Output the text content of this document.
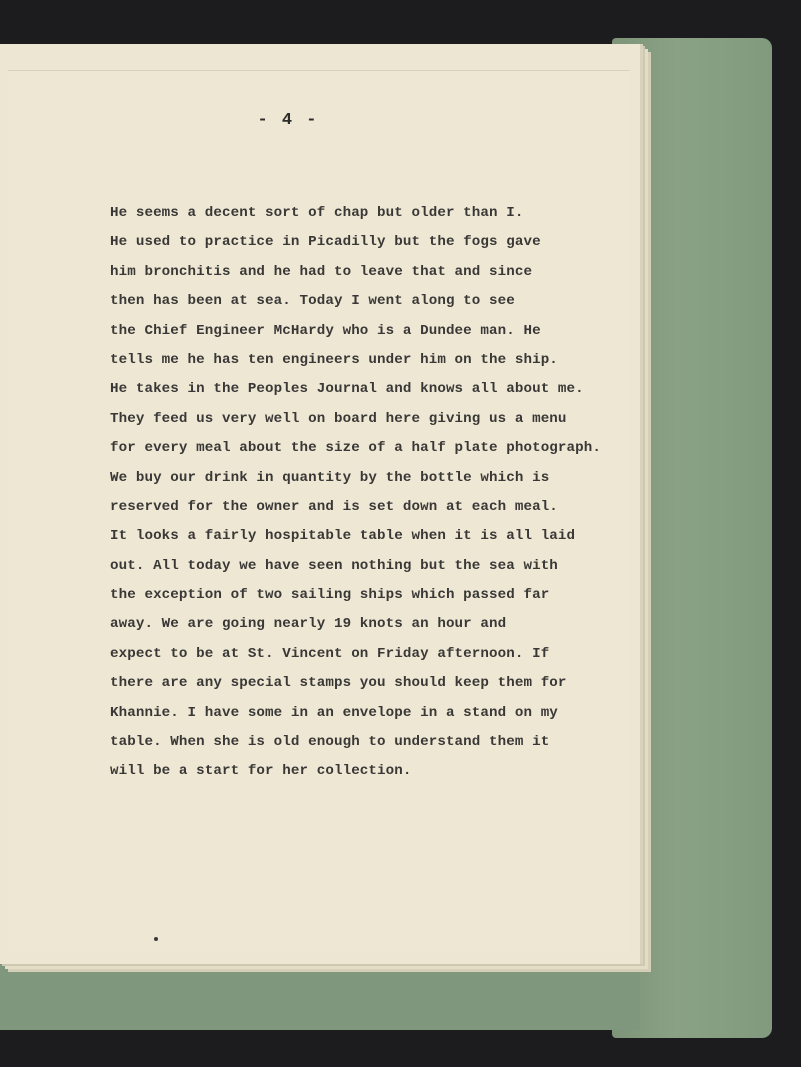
- 4 -
He seems a decent sort of chap but older than I.
He used to practice in Picadilly but the fogs gave
him bronchitis and he had to leave that and since
then has been at sea. Today I went along to see
the Chief Engineer McHardy who is a Dundee man. He
tells me he has ten engineers under him on the ship.
He takes in the Peoples Journal and knows all about me.
They feed us very well on board here giving us a menu
for every meal about the size of a half plate photograph.
We buy our drink in quantity by the bottle which is
reserved for the owner and is set down at each meal.
It looks a fairly hospitable table when it is all laid
out. All today we have seen nothing but the sea with
the exception of two sailing ships which passed far
away. We are going nearly 19 knots an hour and
expect to be at St. Vincent on Friday afternoon. If
there are any special stamps you should keep them for
Khannie. I have some in an envelope in a stand on my
table. When she is old enough to understand them it
will be a start for her collection.
